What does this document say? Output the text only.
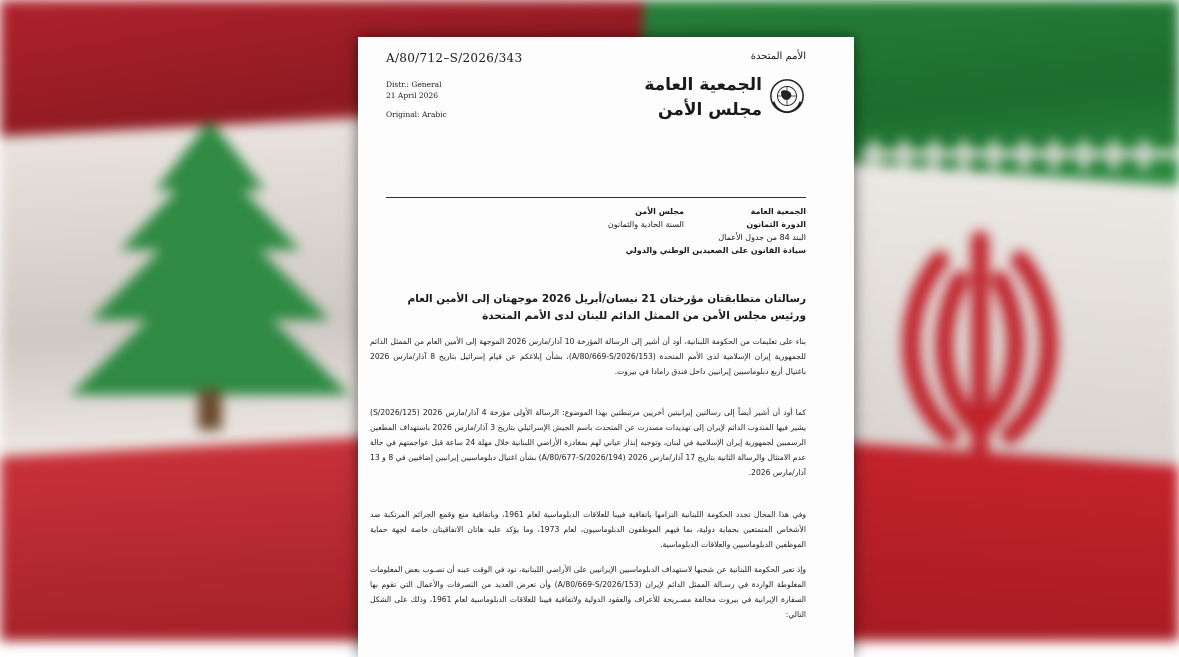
A/80/712–S/2026/343	الأمم المتحدة
Distr.: General
21 April 2026
Original: Arabic
الجمعية العامة
مجلس الأمن
الجمعية العامة
الدورة الثمانون
البند 84 من جدول الأعمال
سيادة القانون على الصعيدين الوطني والدولي
مجلس الأمن
السنة الحادية والثمانون
رسالتان متطابقتان مؤرختان 21 نيسان/أبريل 2026 موجهتان إلى الأمين العام ورئيس مجلس الأمن من الممثل الدائم للبنان لدى الأمم المتحدة
بناء على تعليمات من الحكومة اللبنانية، أود أن أشير إلى الرسالة المؤرخة 10 آذار/مارس 2026 الموجهة إلى الأمين العام من الممثل الدائم للجمهورية إيران الإسلامية لدى الأمم المتحدة (A/80/669-S/2026/153)، بشأن إبلاغكم عن قيام إسرائيل بتاريخ 8 آذار/مارس 2026 باغتيال أربع دبلوماسيين إيرانيين داخل فندق رامادا في بيروت.
كما أود أن أشير أيضاً إلى رسالتين إيرانيتين أخريين مرتبطتين بهذا الموضوع: الرسالة الأولى مؤرخة 4 آذار/مارس 2026 (S/2026/125) يشير فيها المندوب الدائم لإيران إلى تهديدات مصدرت عن المتحدث باسم الجيش الإسرائيلي بتاريخ 3 آذار/مارس 2026 باستهداف المطعين الرسميين لجمهورية إيران الإسلامية في لبنان، وتوجيه إنذار عياني لهم بمغادرة الأراضي اللبنانية خلال مهلة 24 ساعة قبل عواجمتهم في حالة عدم الامتثال والرسالة الثانية بتاريخ 17 آذار/مارس 2026 (A/80/677-S/2026/194) بشأن اغتيال دبلوماسيين إيرانيين إضافيين في 8 و 13 آذار/مارس 2026.
وفي هذا المجال تجدد الحكومة اللبنانية التزامها باتفاقية فيينا للعلاقات الدبلوماسية لعام 1961، وباتفاقية منع وقمع الجرائم المرتكبة ضد الأشخاص المتمتعين بحماية دولية، بما فيهم الموظفون الدبلوماسيون، لعام 1973، وما يؤكد عليه هاتان الاتفاقيتان خاصة لجهة حماية الموظفين الدبلوماسيين والعلاقات الدبلوماسية.
وإذ تعبر الحكومة اللبنانية عن شجبها لاستهداف الدبلوماسيين الإيرانيين على الأراضي اللبنانية، تود في الوقت عينه أن تصـوب بعض المعلومات المغلوطة الواردة في رسـالة الممثل الدائم لإيران (A/80/669-S/2026/153) وأن تعرض العديد من التصرفات والأعمال التي تقوم بها السفارة الإيرانية في بيروت مخالفة مصـريحة للأعراف والعقود الدولية ولاتفاقية فيينا للعلاقات الدبلوماسية لعام 1961، وذلك على الشكل التالي:
